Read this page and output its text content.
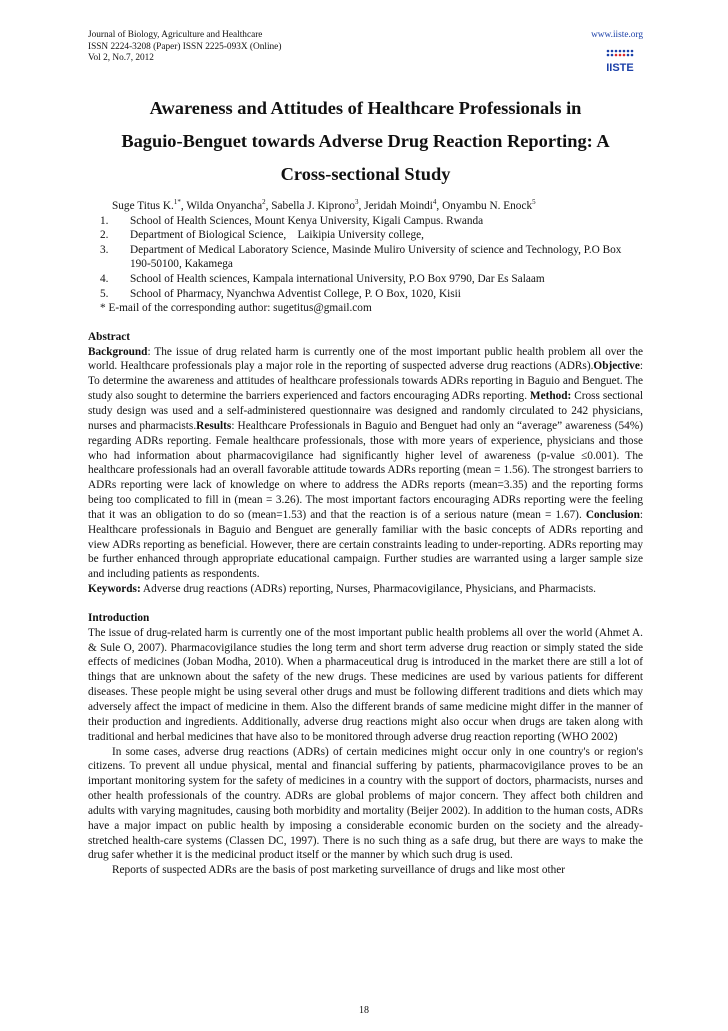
Journal of Biology, Agriculture and Healthcare
ISSN 2224-3208 (Paper) ISSN 2225-093X (Online)
Vol 2, No.7, 2012
www.iiste.org
IISTE
Awareness and Attitudes of Healthcare Professionals in
Baguio-Benguet towards Adverse Drug Reaction Reporting: A
Cross-sectional Study
Suge Titus K.$^{1*}$, Wilda Onyancha$^2$, Sabella J. Kiprono$^3$, Jeridah Moindi$^4$, Onyambu N. Enock$^5$
1. School of Health Sciences, Mount Kenya University, Kigali Campus. Rwanda
2. Department of Biological Science,    Laikipia University college,
3. Department of Medical Laboratory Science, Masinde Muliro University of science and Technology, P.O Box 190-50100, Kakamega
4. School of Health sciences, Kampala international University, P.O Box 9790, Dar Es Salaam
5. School of Pharmacy, Nyanchwa Adventist College, P. O Box, 1020, Kisii
* E-mail of the corresponding author: sugetitus@gmail.com
Abstract

Background: The issue of drug related harm is currently one of the most important public health problem all over the world. Healthcare professionals play a major role in the reporting of suspected adverse drug reactions (ADRs).Objective: To determine the awareness and attitudes of healthcare professionals towards ADRs reporting in Baguio and Benguet. The study also sought to determine the barriers experienced and factors encouraging ADRs reporting. Method: Cross sectional study design was used and a self-administered questionnaire was designed and randomly circulated to 242 physicians, nurses and pharmacists.Results: Healthcare Professionals in Baguio and Benguet had only an “average” awareness (54%) regarding ADRs reporting. Female healthcare professionals, those with more years of experience, physicians and those who had information about pharmacovigilance had significantly higher level of awareness (p-value ≤0.001). The healthcare professionals had an overall favorable attitude towards ADRs reporting (mean = 1.56). The strongest barriers to ADRs reporting were lack of knowledge on where to address the ADRs reports (mean=3.35) and the reporting forms being too complicated to fill in (mean = 3.26). The most important factors encouraging ADRs reporting were the feeling that it was an obligation to do so (mean=1.53) and that the reaction is of a serious nature (mean = 1.67). Conclusion: Healthcare professionals in Baguio and Benguet are generally familiar with the basic concepts of ADRs reporting and view ADRs reporting as beneficial. However, there are certain constraints leading to under-reporting. ADRs reporting may be further enhanced through appropriate educational campaign. Further studies are warranted using a larger sample size and including patients as respondents.

Keywords: Adverse drug reactions (ADRs) reporting, Nurses, Pharmacovigilance, Physicians, and Pharmacists.

Introduction

The issue of drug-related harm is currently one of the most important public health problems all over the world (Ahmet A. & Sule O, 2007). Pharmacovigilance studies the long term and short term adverse drug reaction or simply stated the side effects of medicines (Joban Modha, 2010). When a pharmaceutical drug is introduced in the market there are still a lot of things that are unknown about the safety of the new drugs. These medicines are used by various patients for different diseases. These people might be using several other drugs and must be following different traditions and diets which may adversely affect the impact of medicine in them. Also the different brands of same medicine might differ in the manner of their production and ingredients. Additionally, adverse drug reactions might also occur when drugs are taken along with traditional and herbal medicines that have also to be monitored through adverse drug reaction reporting (WHO 2002)

In some cases, adverse drug reactions (ADRs) of certain medicines might occur only in one country's or region's citizens. To prevent all undue physical, mental and financial suffering by patients, pharmacovigilance proves to be an important monitoring system for the safety of medicines in a country with the support of doctors, pharmacists, nurses and other health professionals of the country. ADRs are global problems of major concern. They affect both children and adults with varying magnitudes, causing both morbidity and mortality (Beijer 2002). In addition to the human costs, ADRs have a major impact on public health by imposing a considerable economic burden on the society and the already-stretched health-care systems (Classen DC, 1997). There is no such thing as a safe drug, but there are ways to make the drug safer whether it is the medicinal product itself or the manner by which such drug is used.

Reports of suspected ADRs are the basis of post marketing surveillance of drugs and like most other

18
